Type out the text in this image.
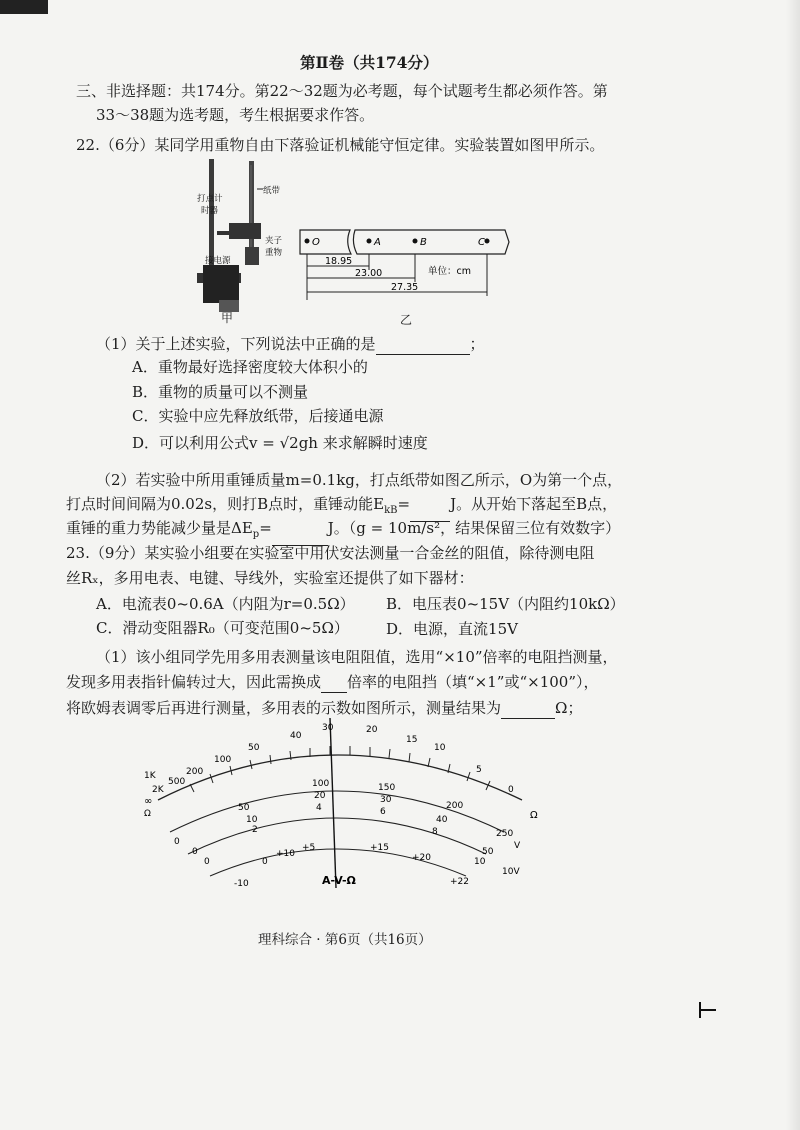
第Ⅱ卷（共174分）
三、非选择题：共174分。第22～32题为必考题，每个试题考生都必须作答。第
33～38题为选考题，考生根据要求作答。
22.（6分）某同学用重物自由下落验证机械能守恒定律。实验装置如图甲所示。
打点计
时器
纸带
夹子
重物
接电源
甲
O	A	B	C
18.95
23.00
27.35
单位：cm
乙
（1）关于上述实验，下列说法中正确的是	；
A．重物最好选择密度较大体积小的
B．重物的质量可以不测量
C．实验中应先释放纸带，后接通电源
D．可以利用公式v = √2gh 来求解瞬时速度
（2）若实验中所用重锤质量m=0.1kg，打点纸带如图乙所示，O为第一个点，
打点时间间隔为0.02s，则打B点时，重锤动能$E_{kB}=$	J。从开始下落起至B点，
重锤的重力势能减少量是$\Delta E_p=$	J。（g = 10m/s²，结果保留三位有效数字）
23.（9分）某实验小组要在实验室中用伏安法测量一合金丝的阻值，除待测电阻
丝Rₓ，多用电表、电键、导线外，实验室还提供了如下器材：
A．电流表0~0.6A（内阻为r=0.5Ω） B．电压表0~15V（内阻约10kΩ）
C．滑动变阻器R₀（可变范围0~5Ω） D．电源，直流15V
（1）该小组同学先用多用表测量该电阻阻值，选用“×10”倍率的电阻挡测量，
发现多用表指针偏转过大，因此需换成 倍率的电阻挡（填“×1”或“×100”），
将欧姆表调零后再进行测量，多用表的示数如图所示，测量结果为	Ω；
1K
500
200
100
50
40
30	20
15
10
5
0
2K
∞
Ω
0
50
100	150
200
250
0
10
20	30
40
50
0
2
4	6
8
10
-10
0
+5
+10
+15
+20
+22
Ω
10V
V
A-V-Ω
理科综合 · 第6页（共16页）
